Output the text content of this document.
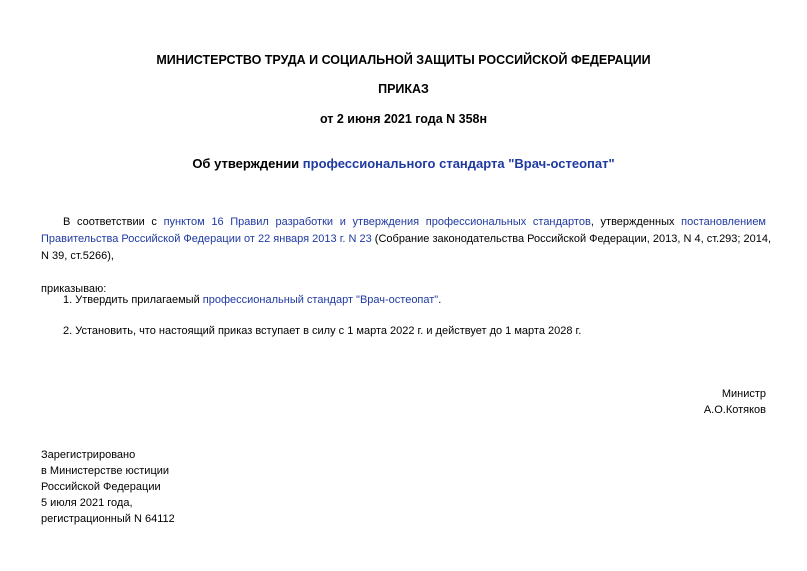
МИНИСТЕРСТВО ТРУДА И СОЦИАЛЬНОЙ ЗАЩИТЫ РОССИЙСКОЙ ФЕДЕРАЦИИ
ПРИКАЗ
от 2 июня 2021 года N 358н
Об утверждении профессионального стандарта "Врач-остеопат"
В соответствии с пунктом 16 Правил разработки и утверждения профессиональных стандартов, утвержденных постановлением
Правительства Российской Федерации от 22 января 2013 г. N 23 (Собрание законодательства Российской Федерации, 2013, N 4, ст.293; 2014,
N 39, ст.5266),
приказываю:
1. Утвердить прилагаемый профессиональный стандарт "Врач-остеопат".
2. Установить, что настоящий приказ вступает в силу с 1 марта 2022 г. и действует до 1 марта 2028 г.
Министр
А.О.Котяков
Зарегистрировано
в Министерстве юстиции
Российской Федерации
5 июля 2021 года,
регистрационный N 64112
